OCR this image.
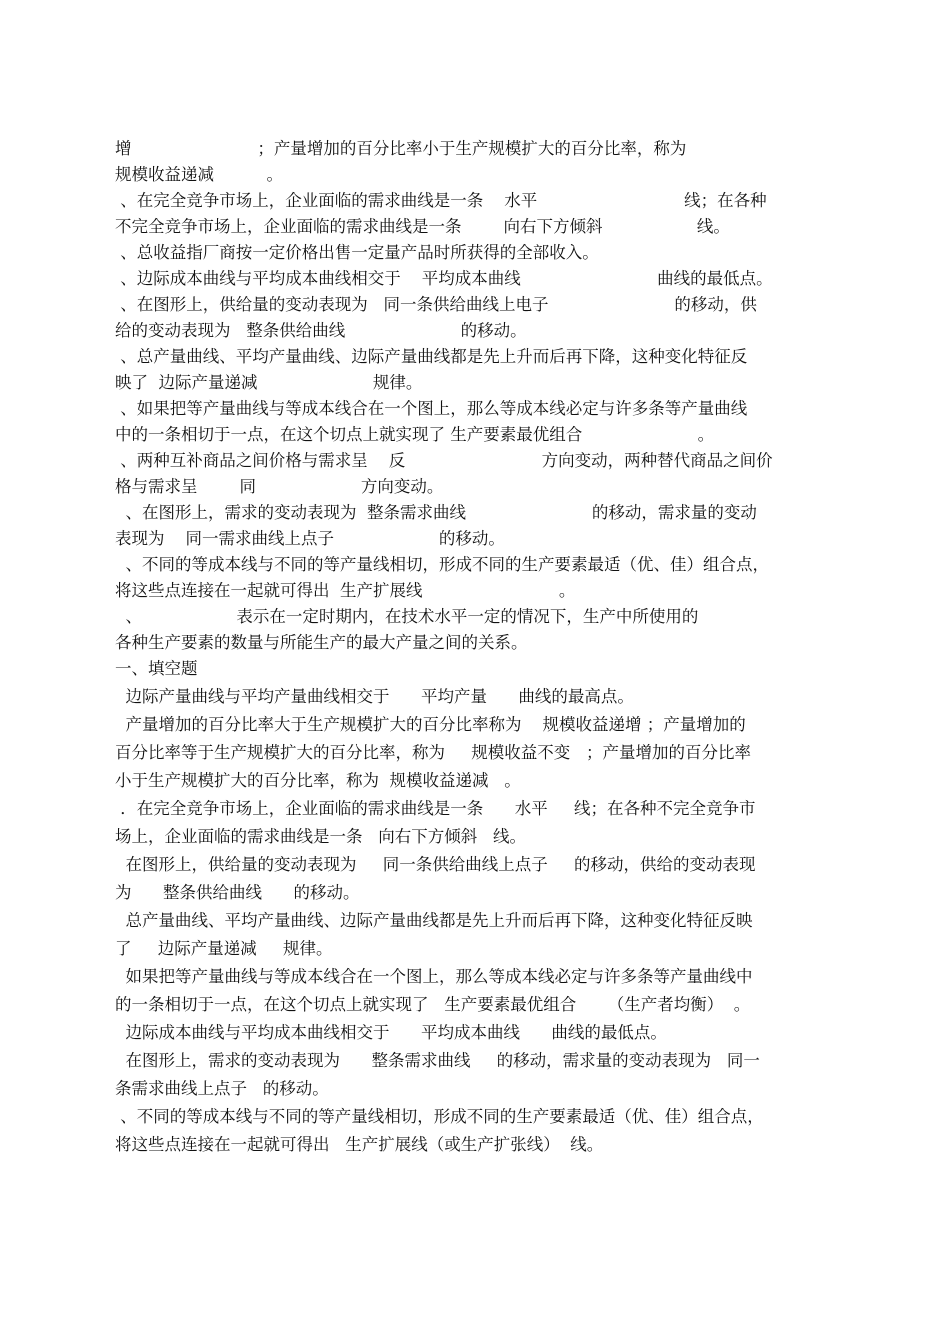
增                        ；产量增加的百分比率小于生产规模扩大的百分比率，称为
规模收益递减          。
、在完全竞争市场上，企业面临的需求曲线是一条    水平                            线；在各种
不完全竞争市场上，企业面临的需求曲线是一条        向右下方倾斜                  线。
、总收益指厂商按一定价格出售一定量产品时所获得的全部收入。
、边际成本曲线与平均成本曲线相交于    平均成本曲线                          曲线的最低点。
、在图形上，供给量的变动表现为   同一条供给曲线上电子                        的移动，供
给的变动表现为   整条供给曲线                      的移动。
、总产量曲线、平均产量曲线、边际产量曲线都是先上升而后再下降，这种变化特征反
映了  边际产量递减                      规律。
、如果把等产量曲线与等成本线合在一个图上，那么等成本线必定与许多条等产量曲线
中的一条相切于一点，在这个切点上就实现了 生产要素最优组合                      。
、两种互补商品之间价格与需求呈    反                          方向变动，两种替代商品之间价
格与需求呈        同                    方向变动。
、在图形上，需求的变动表现为  整条需求曲线                        的移动，需求量的变动
表现为    同一需求曲线上点子                    的移动。
、不同的等成本线与不同的等产量线相切，形成不同的生产要素最适（优、佳）组合点，
将这些点连接在一起就可得出  生产扩展线                          。
、                  表示在一定时期内，在技术水平一定的情况下，生产中所使用的
各种生产要素的数量与所能生产的最大产量之间的关系。
一、填空题
边际产量曲线与平均产量曲线相交于      平均产量      曲线的最高点。
产量增加的百分比率大于生产规模扩大的百分比率称为    规模收益递增 ；产量增加的
百分比率等于生产规模扩大的百分比率，称为     规模收益不变   ；产量增加的百分比率
小于生产规模扩大的百分比率，称为  规模收益递减   。
．在完全竞争市场上，企业面临的需求曲线是一条      水平     线；在各种不完全竞争市
场上，企业面临的需求曲线是一条   向右下方倾斜   线。
在图形上，供给量的变动表现为     同一条供给曲线上点子     的移动，供给的变动表现
为      整条供给曲线      的移动。
总产量曲线、平均产量曲线、边际产量曲线都是先上升而后再下降，这种变化特征反映
了     边际产量递减     规律。
如果把等产量曲线与等成本线合在一个图上，那么等成本线必定与许多条等产量曲线中
的一条相切于一点，在这个切点上就实现了   生产要素最优组合      （生产者均衡）  。
边际成本曲线与平均成本曲线相交于      平均成本曲线      曲线的最低点。
在图形上，需求的变动表现为      整条需求曲线     的移动，需求量的变动表现为   同一
条需求曲线上点子   的移动。
、不同的等成本线与不同的等产量线相切，形成不同的生产要素最适（优、佳）组合点，
将这些点连接在一起就可得出   生产扩展线（或生产扩张线）  线。
